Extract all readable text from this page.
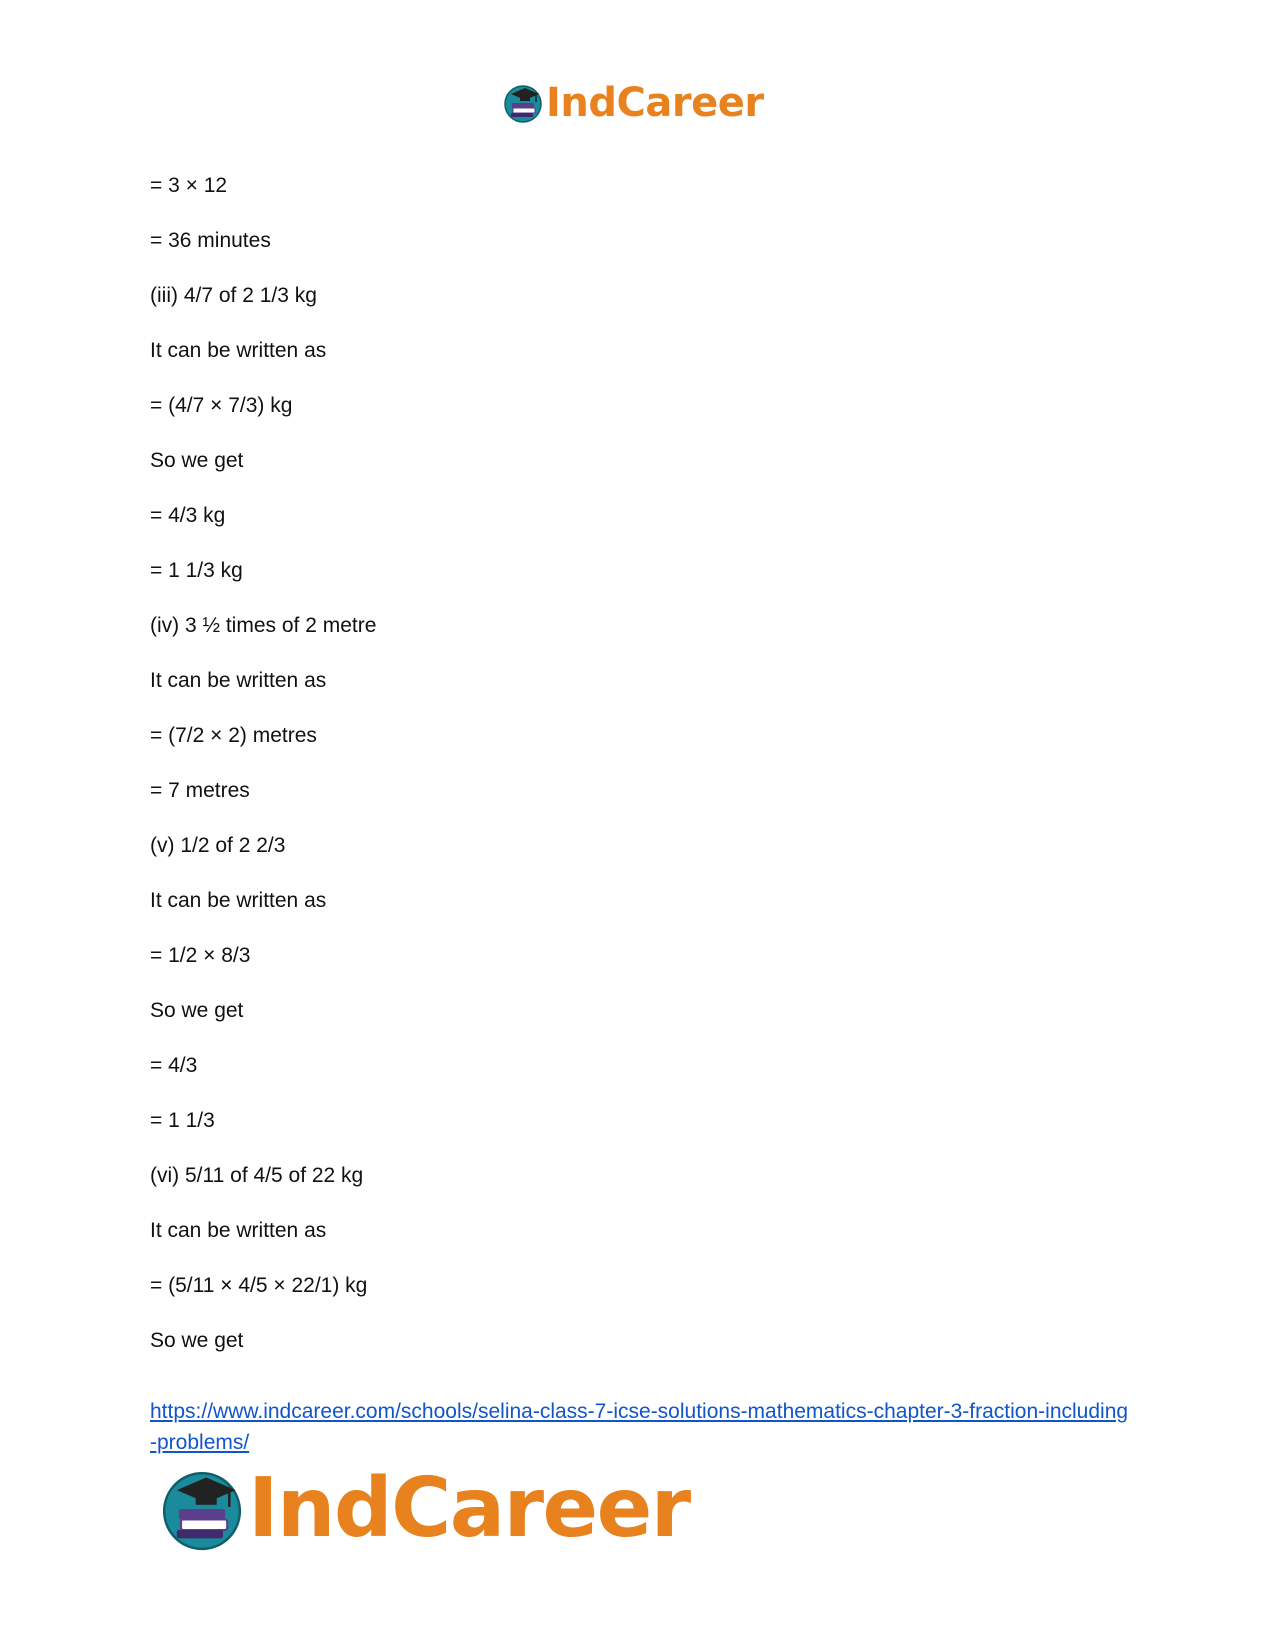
IndCareer
= 3 × 12
= 36 minutes
(iii) 4/7 of 2 1/3 kg
It can be written as
= (4/7 × 7/3) kg
So we get
= 4/3 kg
= 1 1/3 kg
(iv) 3 ½ times of 2 metre
It can be written as
= (7/2 × 2) metres
= 7 metres
(v) 1/2 of 2 2/3
It can be written as
= 1/2 × 8/3
So we get
= 4/3
= 1 1/3
(vi) 5/11 of 4/5 of 22 kg
It can be written as
= (5/11 × 4/5 × 22/1) kg
So we get
https://www.indcareer.com/schools/selina-class-7-icse-solutions-mathematics-chapter-3-fraction-including-problems/
IndCareer
